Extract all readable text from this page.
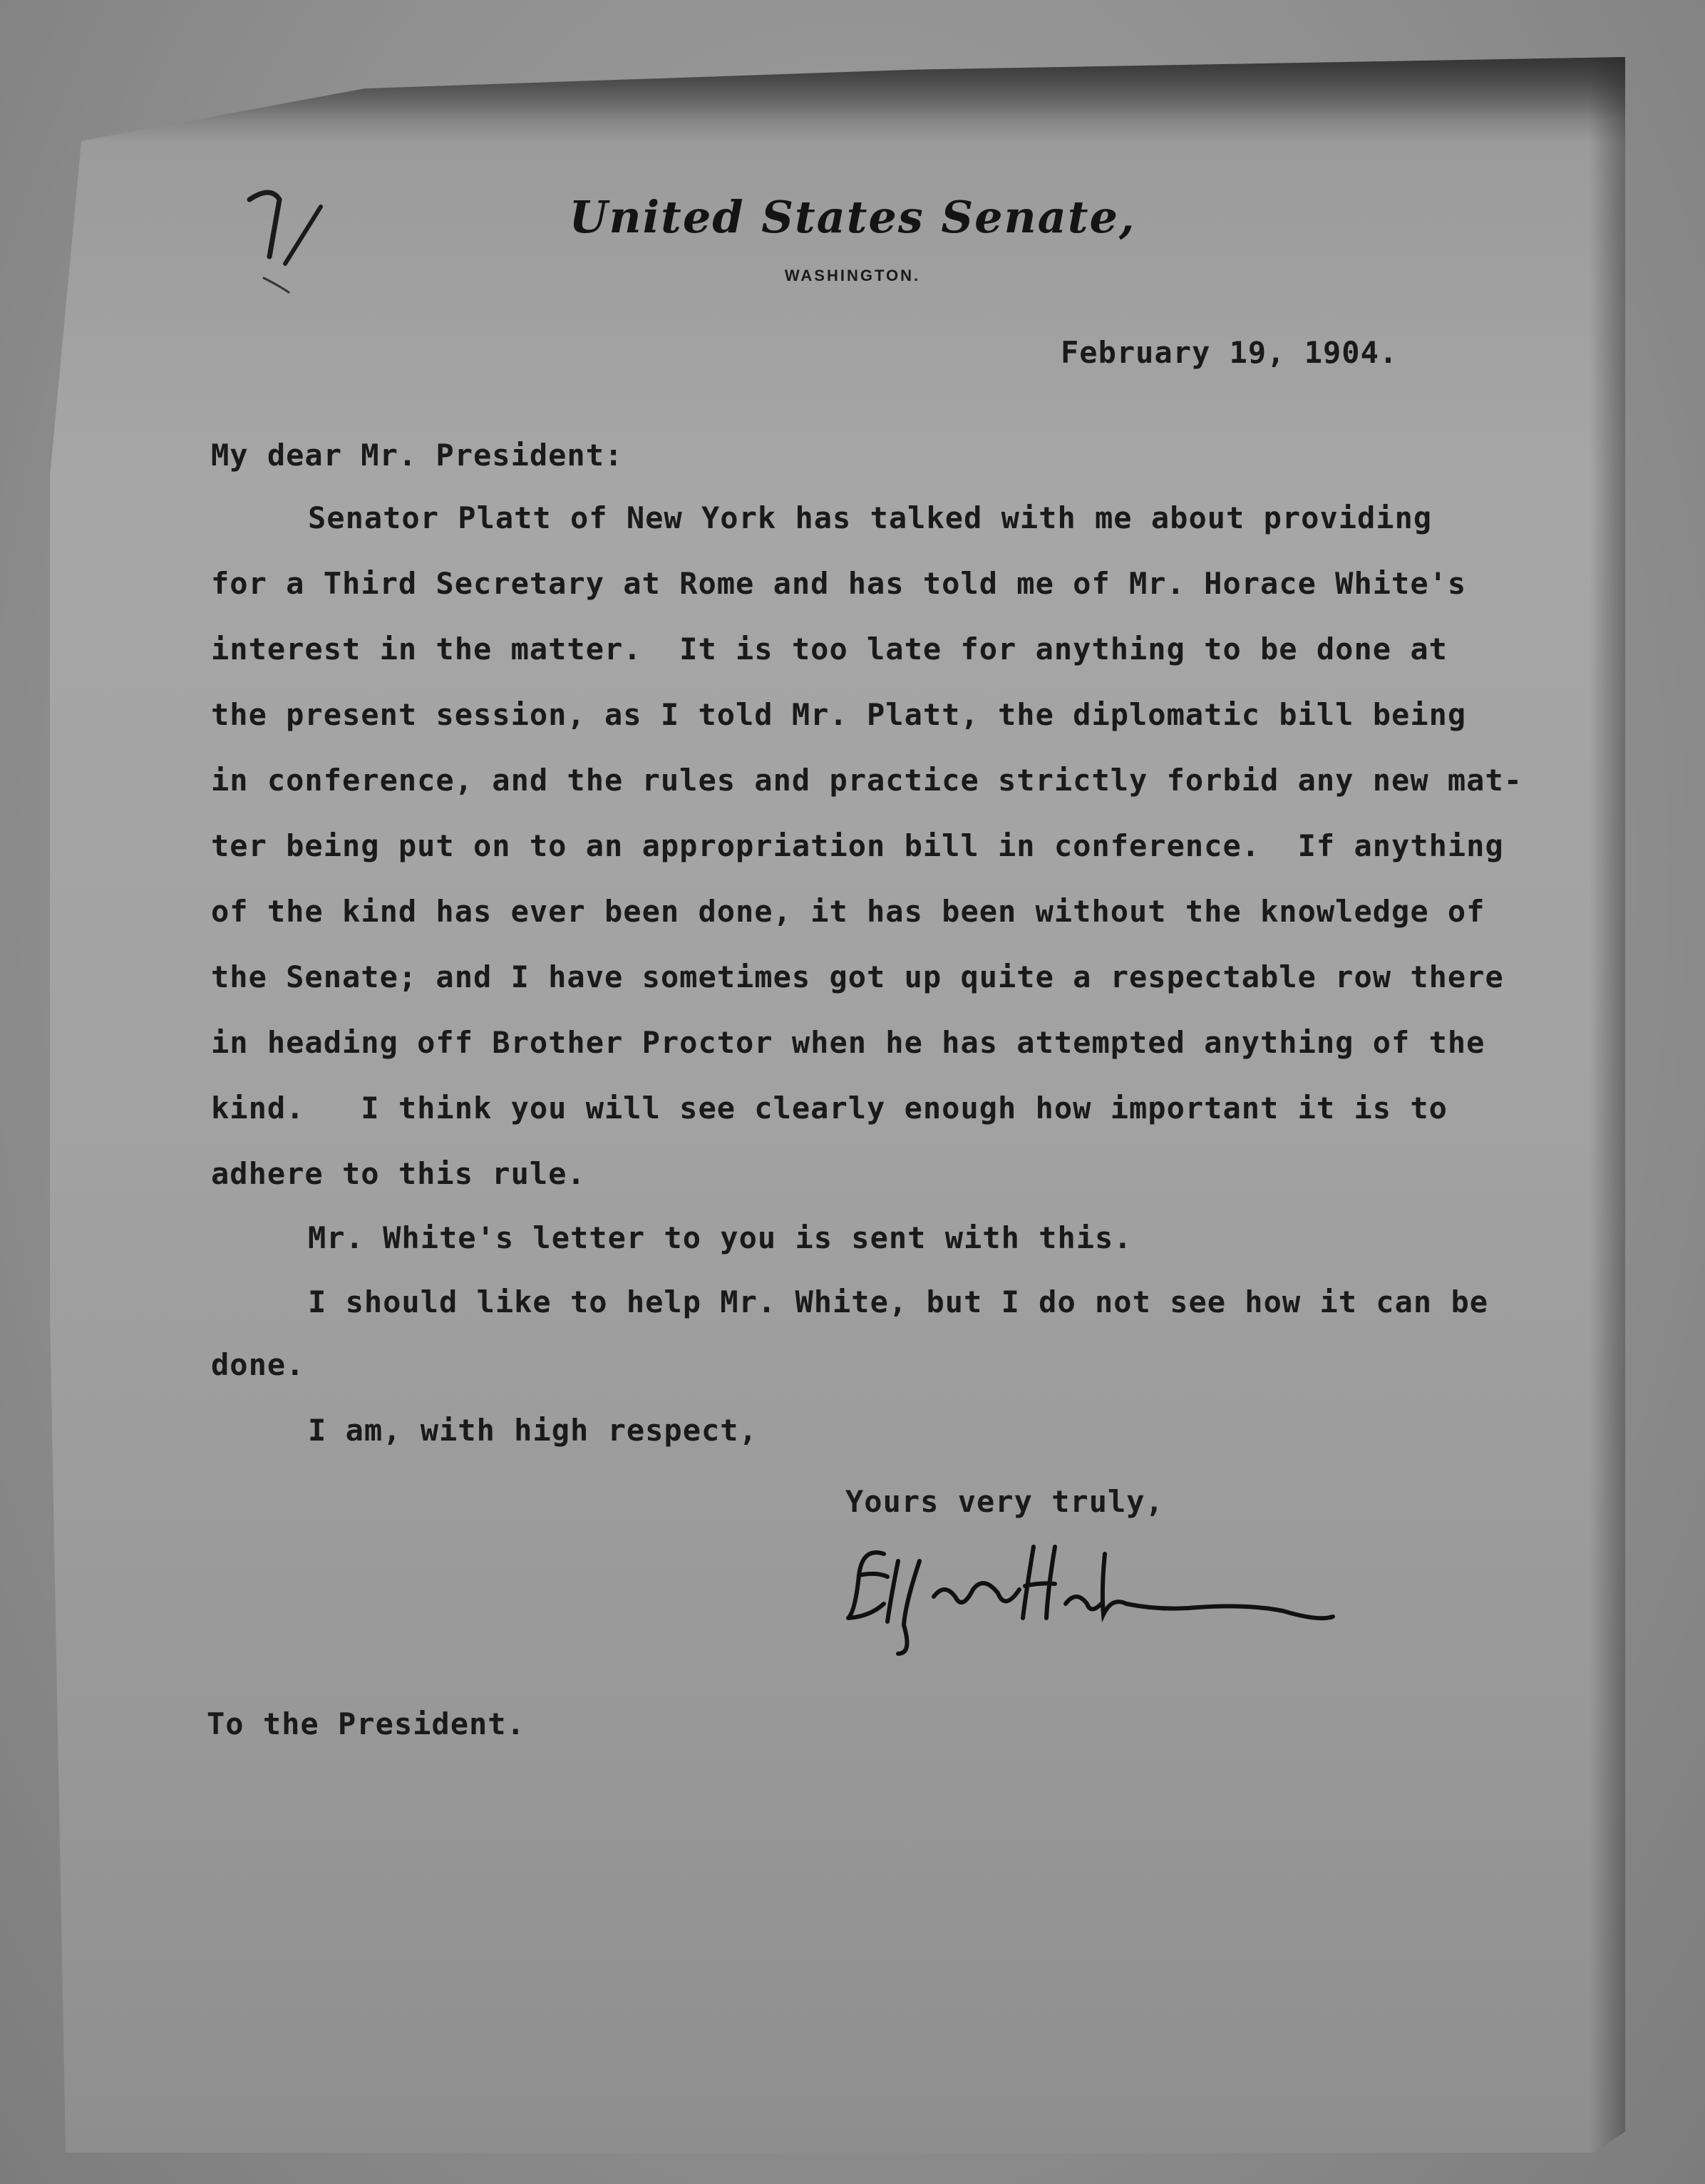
United States Senate,
WASHINGTON.
February 19, 1904.
My dear Mr. President:
Senator Platt of New York has talked with me about providing
for a Third Secretary at Rome and has told me of Mr. Horace White's
interest in the matter.  It is too late for anything to be done at
the present session, as I told Mr. Platt, the diplomatic bill being
in conference, and the rules and practice strictly forbid any new mat-
ter being put on to an appropriation bill in conference.  If anything
of the kind has ever been done, it has been without the knowledge of
the Senate; and I have sometimes got up quite a respectable row there
in heading off Brother Proctor when he has attempted anything of the
kind.   I think you will see clearly enough how important it is to
adhere to this rule.
Mr. White's letter to you is sent with this.
I should like to help Mr. White, but I do not see how it can be
done.
I am, with high respect,
Yours very truly,
To the President.
